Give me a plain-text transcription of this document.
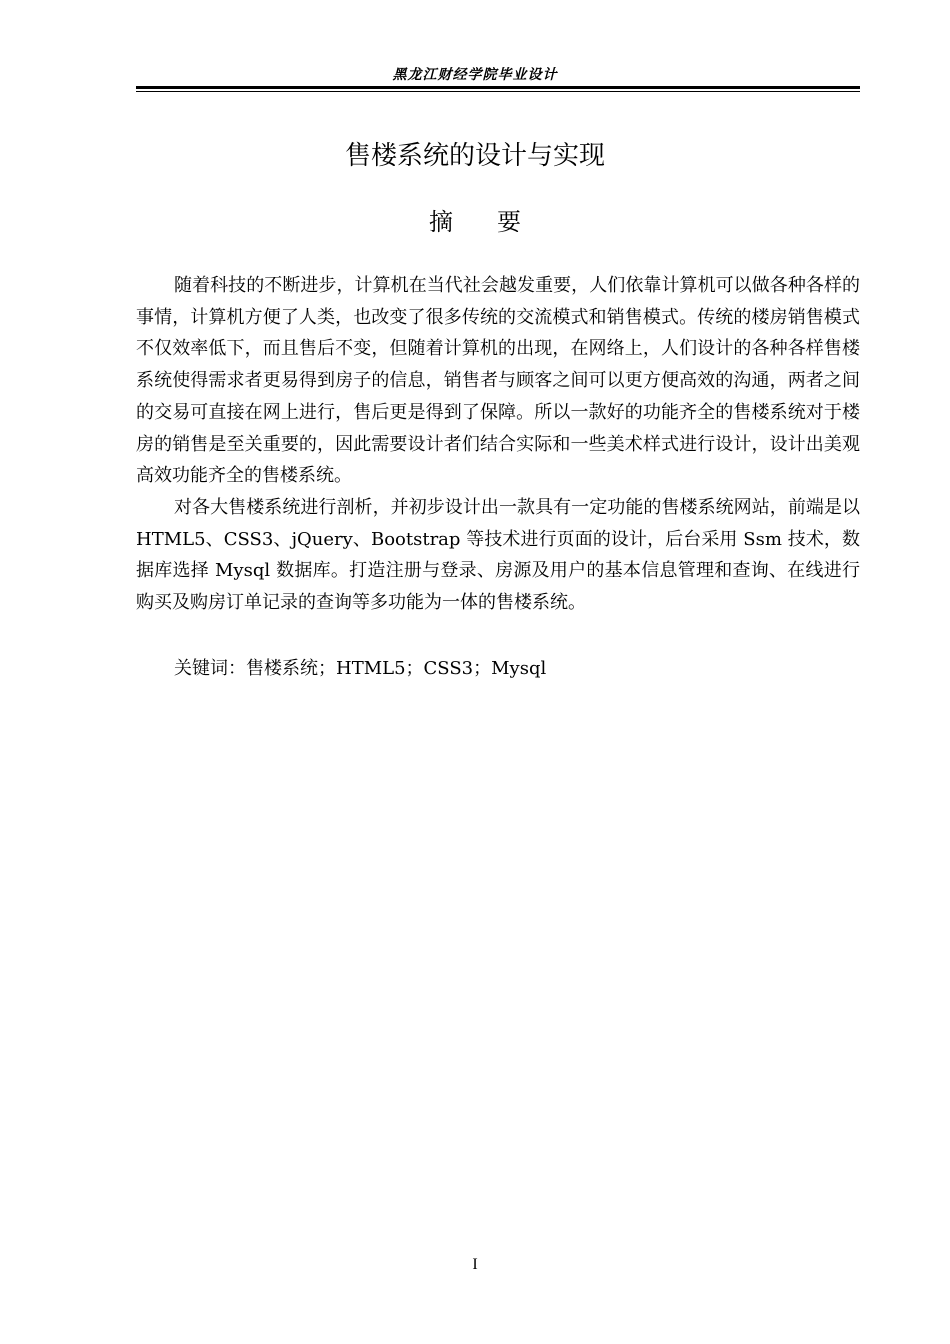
黑龙江财经学院毕业设计
售楼系统的设计与实现
摘 要

随着科技的不断进步，计算机在当代社会越发重要，人们依靠计算机可以做各种各样的事情，计算机方便了人类，也改变了很多传统的交流模式和销售模式。传统的楼房销售模式不仅效率低下，而且售后不变，但随着计算机的出现，在网络上，人们设计的各种各样售楼系统使得需求者更易得到房子的信息，销售者与顾客之间可以更方便高效的沟通，两者之间的交易可直接在网上进行，售后更是得到了保障。所以一款好的功能齐全的售楼系统对于楼房的销售是至关重要的，因此需要设计者们结合实际和一些美术样式进行设计，设计出美观高效功能齐全的售楼系统。

对各大售楼系统进行剖析，并初步设计出一款具有一定功能的售楼系统网站，前端是以 HTML5、CSS3、jQuery、Bootstrap 等技术进行页面的设计，后台采用 Ssm 技术，数据库选择 Mysql 数据库。打造注册与登录、房源及用户的基本信息管理和查询、在线进行购买及购房订单记录的查询等多功能为一体的售楼系统。

关键词：售楼系统；HTML5；CSS3；Mysql
I
